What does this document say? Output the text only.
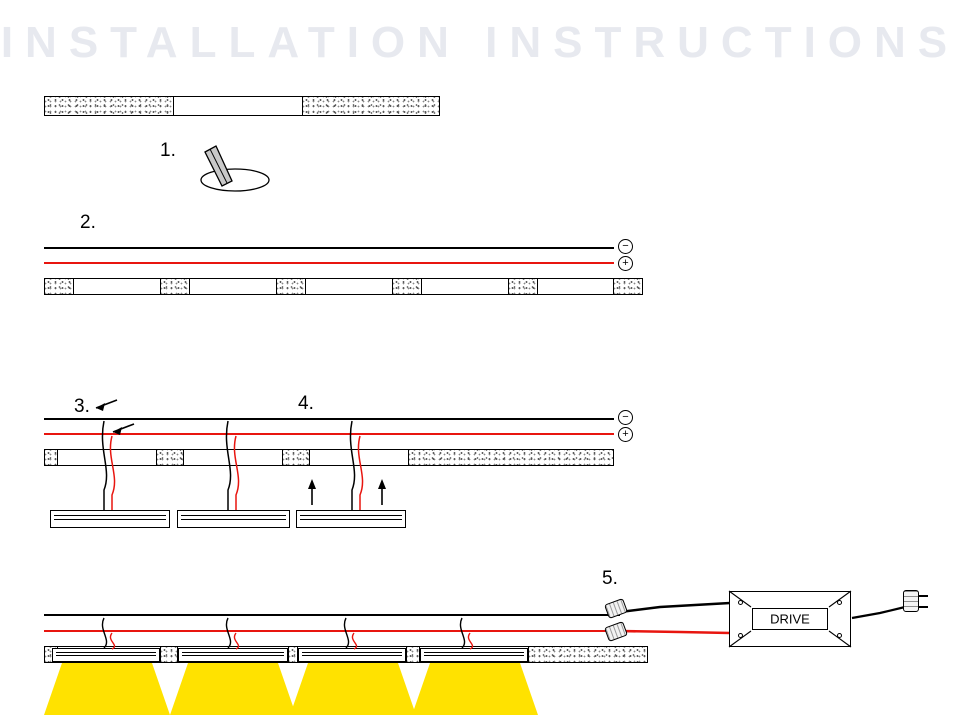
INSTALLATION INSTRUCTIONS
1.
2.
−
+
3.	4.
−
+
5.
DRIVE
